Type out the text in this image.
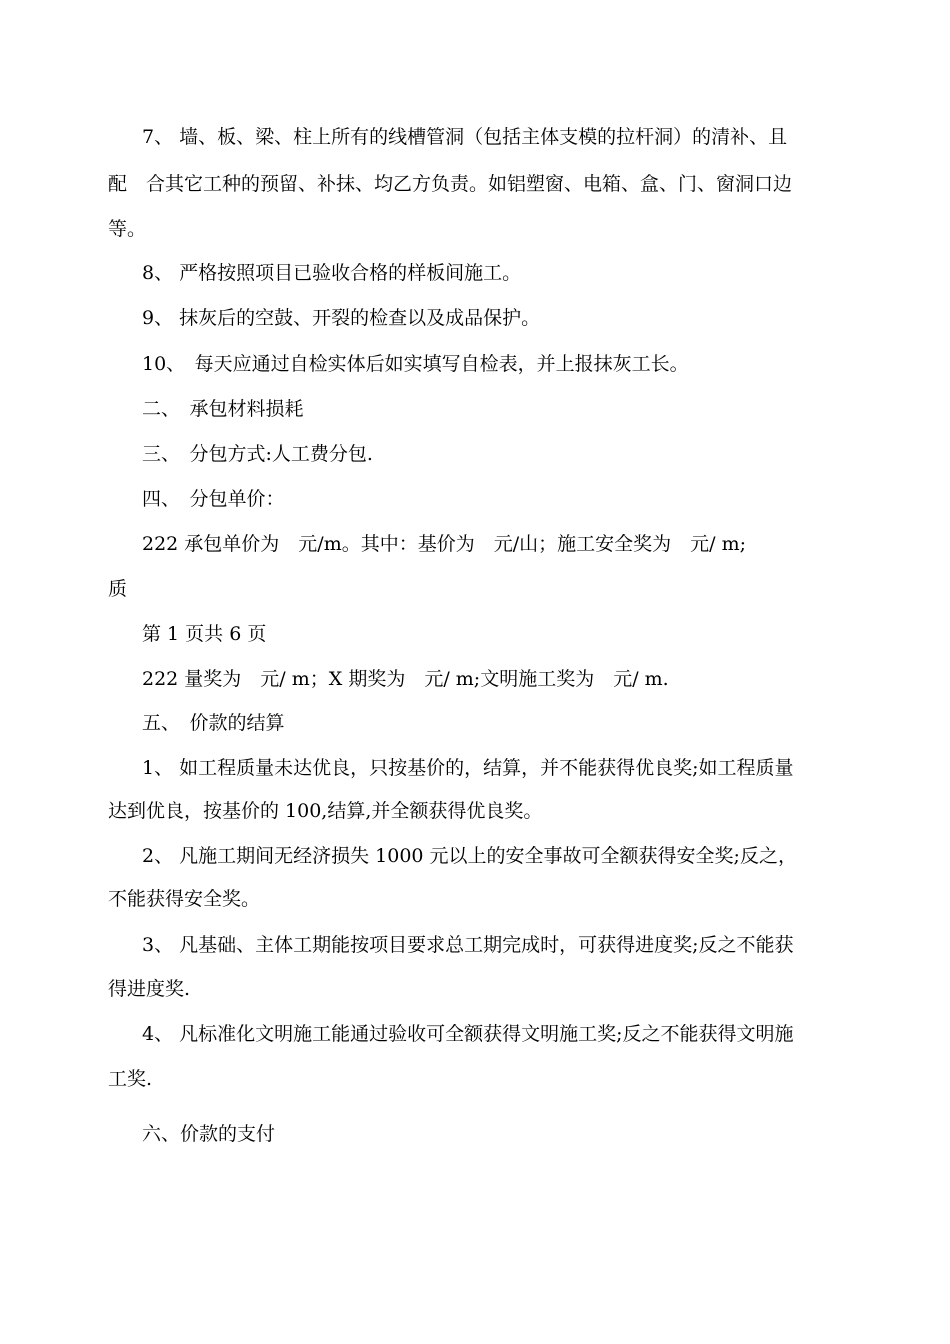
7、 墙、板、梁、柱上所有的线槽管洞（包括主体支模的拉杆洞）的清补、且
配　合其它工种的预留、补抹、均乙方负责。如铝塑窗、电箱、盒、门、窗洞口边
等。
8、 严格按照项目已验收合格的样板间施工。
9、 抹灰后的空鼓、开裂的检查以及成品保护。
10、　每天应通过自检实体后如实填写自检表，并上报抹灰工长。
二、　承包材料损耗
三、　分包方式:人工费分包.
四、　分包单价：
222 承包单价为　元/m。其中：基价为　元/山；施工安全奖为　元/ m;
质
第 1 页共 6 页
222 量奖为　元/ m；X 期奖为　元/ m;文明施工奖为　元/ m.
五、　价款的结算
1、 如工程质量未达优良，只按基价的，结算，并不能获得优良奖;如工程质量
达到优良，按基价的 100,结算,并全额获得优良奖。
2、 凡施工期间无经济损失 1000 元以上的安全事故可全额获得安全奖;反之，
不能获得安全奖。
3、 凡基础、主体工期能按项目要求总工期完成时，可获得进度奖;反之不能获
得进度奖.
4、 凡标准化文明施工能通过验收可全额获得文明施工奖;反之不能获得文明施
工奖.
六、价款的支付
